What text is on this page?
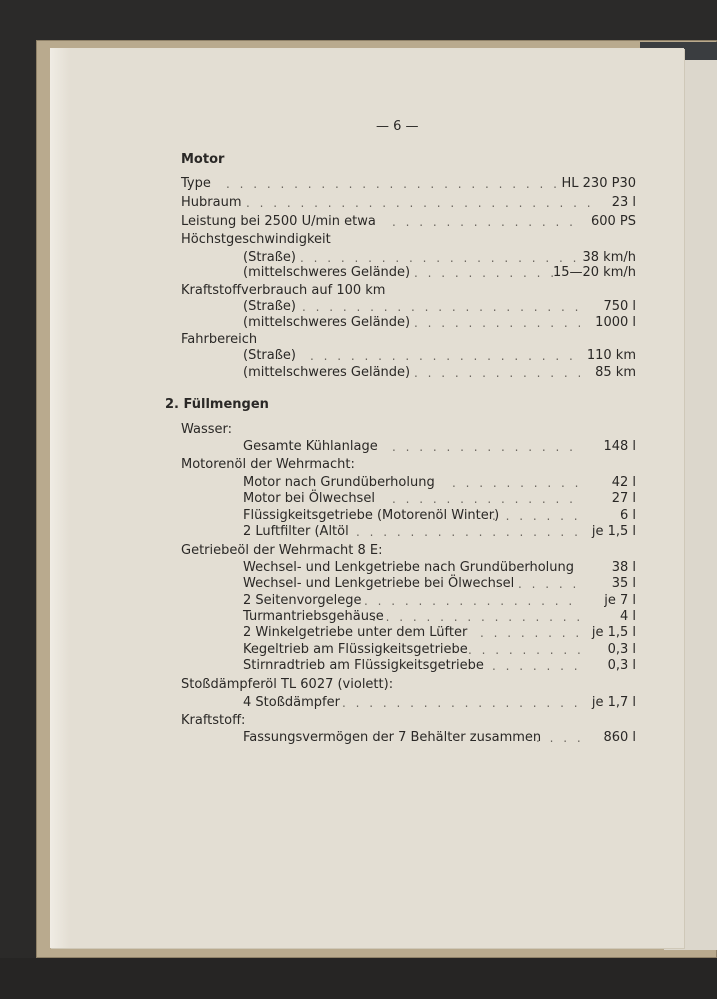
— 6 —
Motor
Type . . .	HL 230 P30
Hubraum . . .	23 l
Leistung bei 2500 U/min etwa . . .	600 PS
Höchstgeschwindigkeit
(Straße) . . .	38 km/h
(mittelschweres Gelände) . . .	15—20 km/h
Kraftstoffverbrauch auf 100 km
(Straße) . . .	750 l
(mittelschweres Gelände) . . .	1000 l
Fahrbereich
(Straße) . . .	110 km
(mittelschweres Gelände) . . .	85 km
2. Füllmengen
Wasser:
Gesamte Kühlanlage . . .	148 l
Motorenöl der Wehrmacht:
Motor nach Grundüberholung . . .	42 l
Motor bei Ölwechsel . . .	27 l
Flüssigkeitsgetriebe (Motorenöl Winter) . . .	6 l
2 Luftfilter (Altöl . . .	je 1,5 l
Getriebeöl der Wehrmacht 8 E:
Wechsel- und Lenkgetriebe nach Grundüberholung	38 l
Wechsel- und Lenkgetriebe bei Ölwechsel . . .	35 l
2 Seitenvorgelege . . .	je 7 l
Turmantriebsgehäuse . . .	4 l
2 Winkelgetriebe unter dem Lüfter . . .	je 1,5 l
Kegeltrieb am Flüssigkeitsgetriebe . . .	0,3 l
Stirnradtrieb am Flüssigkeitsgetriebe . . .	0,3 l
Stoßdämpferöl TL 6027 (violett):
4 Stoßdämpfer . . .	je 1,7 l
Kraftstoff:
Fassungsvermögen der 7 Behälter zusammen . . .	860 l
